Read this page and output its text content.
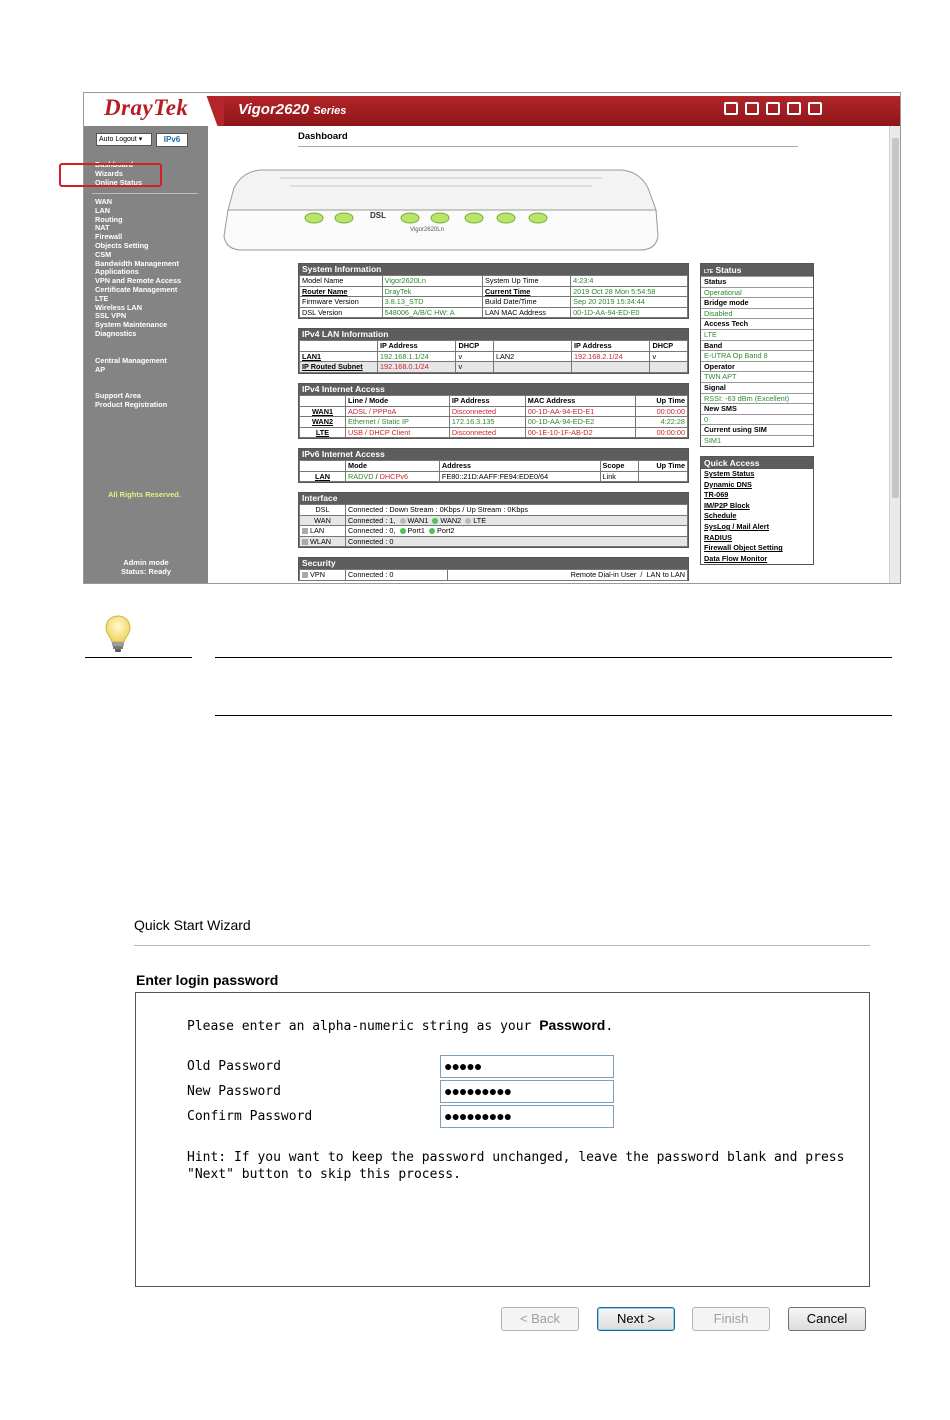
DrayTek	Vigor2620 Series
Auto Logout ▾	IPv6
Dashboard
Wizards
Online Status
WAN
LAN
Routing
NAT
Firewall
Objects Setting
CSM
Bandwidth Management
Applications
VPN and Remote Access
Certificate Management
LTE
Wireless LAN
SSL VPN
System Maintenance
Diagnostics
Central Management
AP
Support Area
Product Registration
All Rights Reserved.
Admin mode
Status: Ready
Dashboard
DSL
Vigor2620Ln
System Information
Model Name	Vigor2620Ln	System Up Time	4:23:4
Router Name	DrayTek	Current Time	2019 Oct 28 Mon 5:54:58
Firmware Version	3.8.13_STD	Build Date/Time	Sep 20 2019 15:34:44
DSL Version	548006_A/B/C HW: A	LAN MAC Address	00-1D-AA-94-ED-E0
IPv4 LAN Information
	IP Address	DHCP		IP Address	DHCP
LAN1	192.168.1.1/24	v	LAN2	192.168.2.1/24	v
IP Routed Subnet	192.168.0.1/24	v			
IPv4 Internet Access
	Line / Mode	IP Address	MAC Address	Up Time
WAN1	ADSL / PPPoA	Disconnected	00-1D-AA-94-ED-E1	00:00:00
WAN2	Ethernet / Static IP	172.16.3.135	00-1D-AA-94-ED-E2	4:22:28
LTE	USB / DHCP Client	Disconnected	00-1E-10-1F-AB-D2	00:00:00
IPv6 Internet Access
	Mode	Address	Scope	Up Time
LAN	RADVD / DHCPv6	FE80::21D:AAFF:FE94:EDE0/64	Link	
Interface
DSL	Connected : Down Stream : 0Kbps / Up Stream : 0Kbps
WAN	Connected : 1, WAN1 WAN2 LTE
LAN	Connected : 0, Port1 Port2
WLAN	Connected : 0
Security
VPN	Connected : 0	Remote Dial-in User / LAN to LAN
LTE Status
Status
Operational
Bridge mode
Disabled
Access Tech
LTE
Band
E-UTRA Op Band 8
Operator
TWN APT
Signal
RSSI: -63 dBm (Excellent)
New SMS
0
Current using SIM
SIM1
Quick Access
System Status
Dynamic DNS
TR-069
IM/P2P Block
Schedule
SysLog / Mail Alert
RADIUS
Firewall Object Setting
Data Flow Monitor
Quick Start Wizard
Enter login password
Please enter an alpha-numeric string as your Password.
Old Password	●●●●●
New Password	●●●●●●●●●
Confirm Password	●●●●●●●●●
Hint: If you want to keep the password unchanged, leave the password blank and press
"Next" button to skip this process.
< Back	Next >	Finish	Cancel
